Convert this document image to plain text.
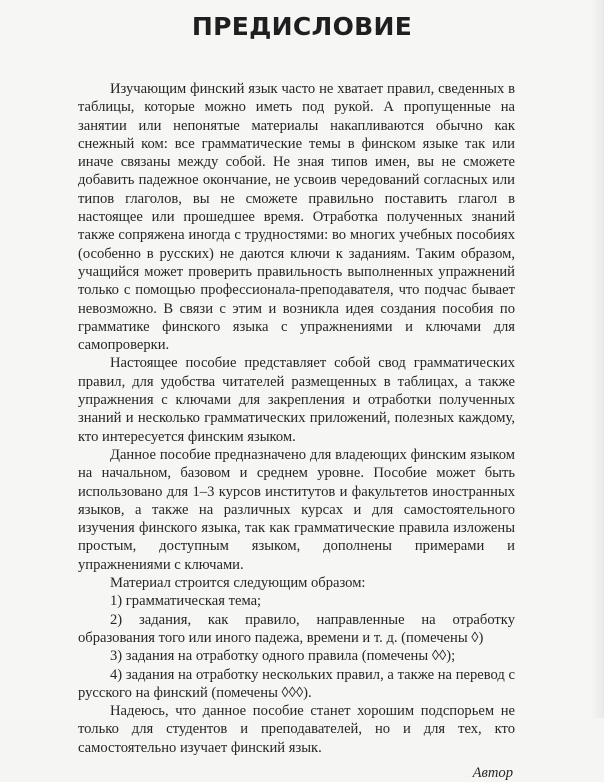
ПРЕДИСЛОВИЕ

Изучающим финский язык часто не хватает правил, сведенных в таблицы, которые можно иметь под рукой. А пропущенные на занятии или непонятые материалы накапливаются обычно как снежный ком: все грамматические темы в финском языке так или иначе связаны между собой. Не зная типов имен, вы не сможете добавить падежное окончание, не усвоив чередований согласных или типов глаголов, вы не сможете правильно поставить глагол в настоящее или прошедшее время. Отработка полученных знаний также сопряжена иногда с трудностями: во многих учебных пособиях (особенно в русских) не даются ключи к заданиям. Таким образом, учащийся может проверить правильность выполненных упражнений только с помощью профессионала-преподавателя, что подчас бывает невозможно. В связи с этим и возникла идея создания пособия по грамматике финского языка с упражнениями и ключами для самопроверки.

Настоящее пособие представляет собой свод грамматических правил, для удобства читателей размещенных в таблицах, а также упражнения с ключами для закрепления и отработки полученных знаний и несколько грамматических приложений, полезных каждому, кто интересуется финским языком.

Данное пособие предназначено для владеющих финским языком на начальном, базовом и среднем уровне. Пособие может быть использовано для 1–3 курсов институтов и факультетов иностранных языков, а также на различных курсах и для самостоятельного изучения финского языка, так как грамматические правила изложены простым, доступным языком, дополнены примерами и упражнениями с ключами.

Материал строится следующим образом:

1) грамматическая тема;

2) задания, как правило, направленные на отработку образования того или иного падежа, времени и т. д. (помечены ◊)

3) задания на отработку одного правила (помечены ◊◊);

4) задания на отработку нескольких правил, а также на перевод с русского на финский (помечены ◊◊◊).

Надеюсь, что данное пособие станет хорошим подспорьем не только для студентов и преподавателей, но и для тех, кто самостоятельно изучает финский язык.

Автор
